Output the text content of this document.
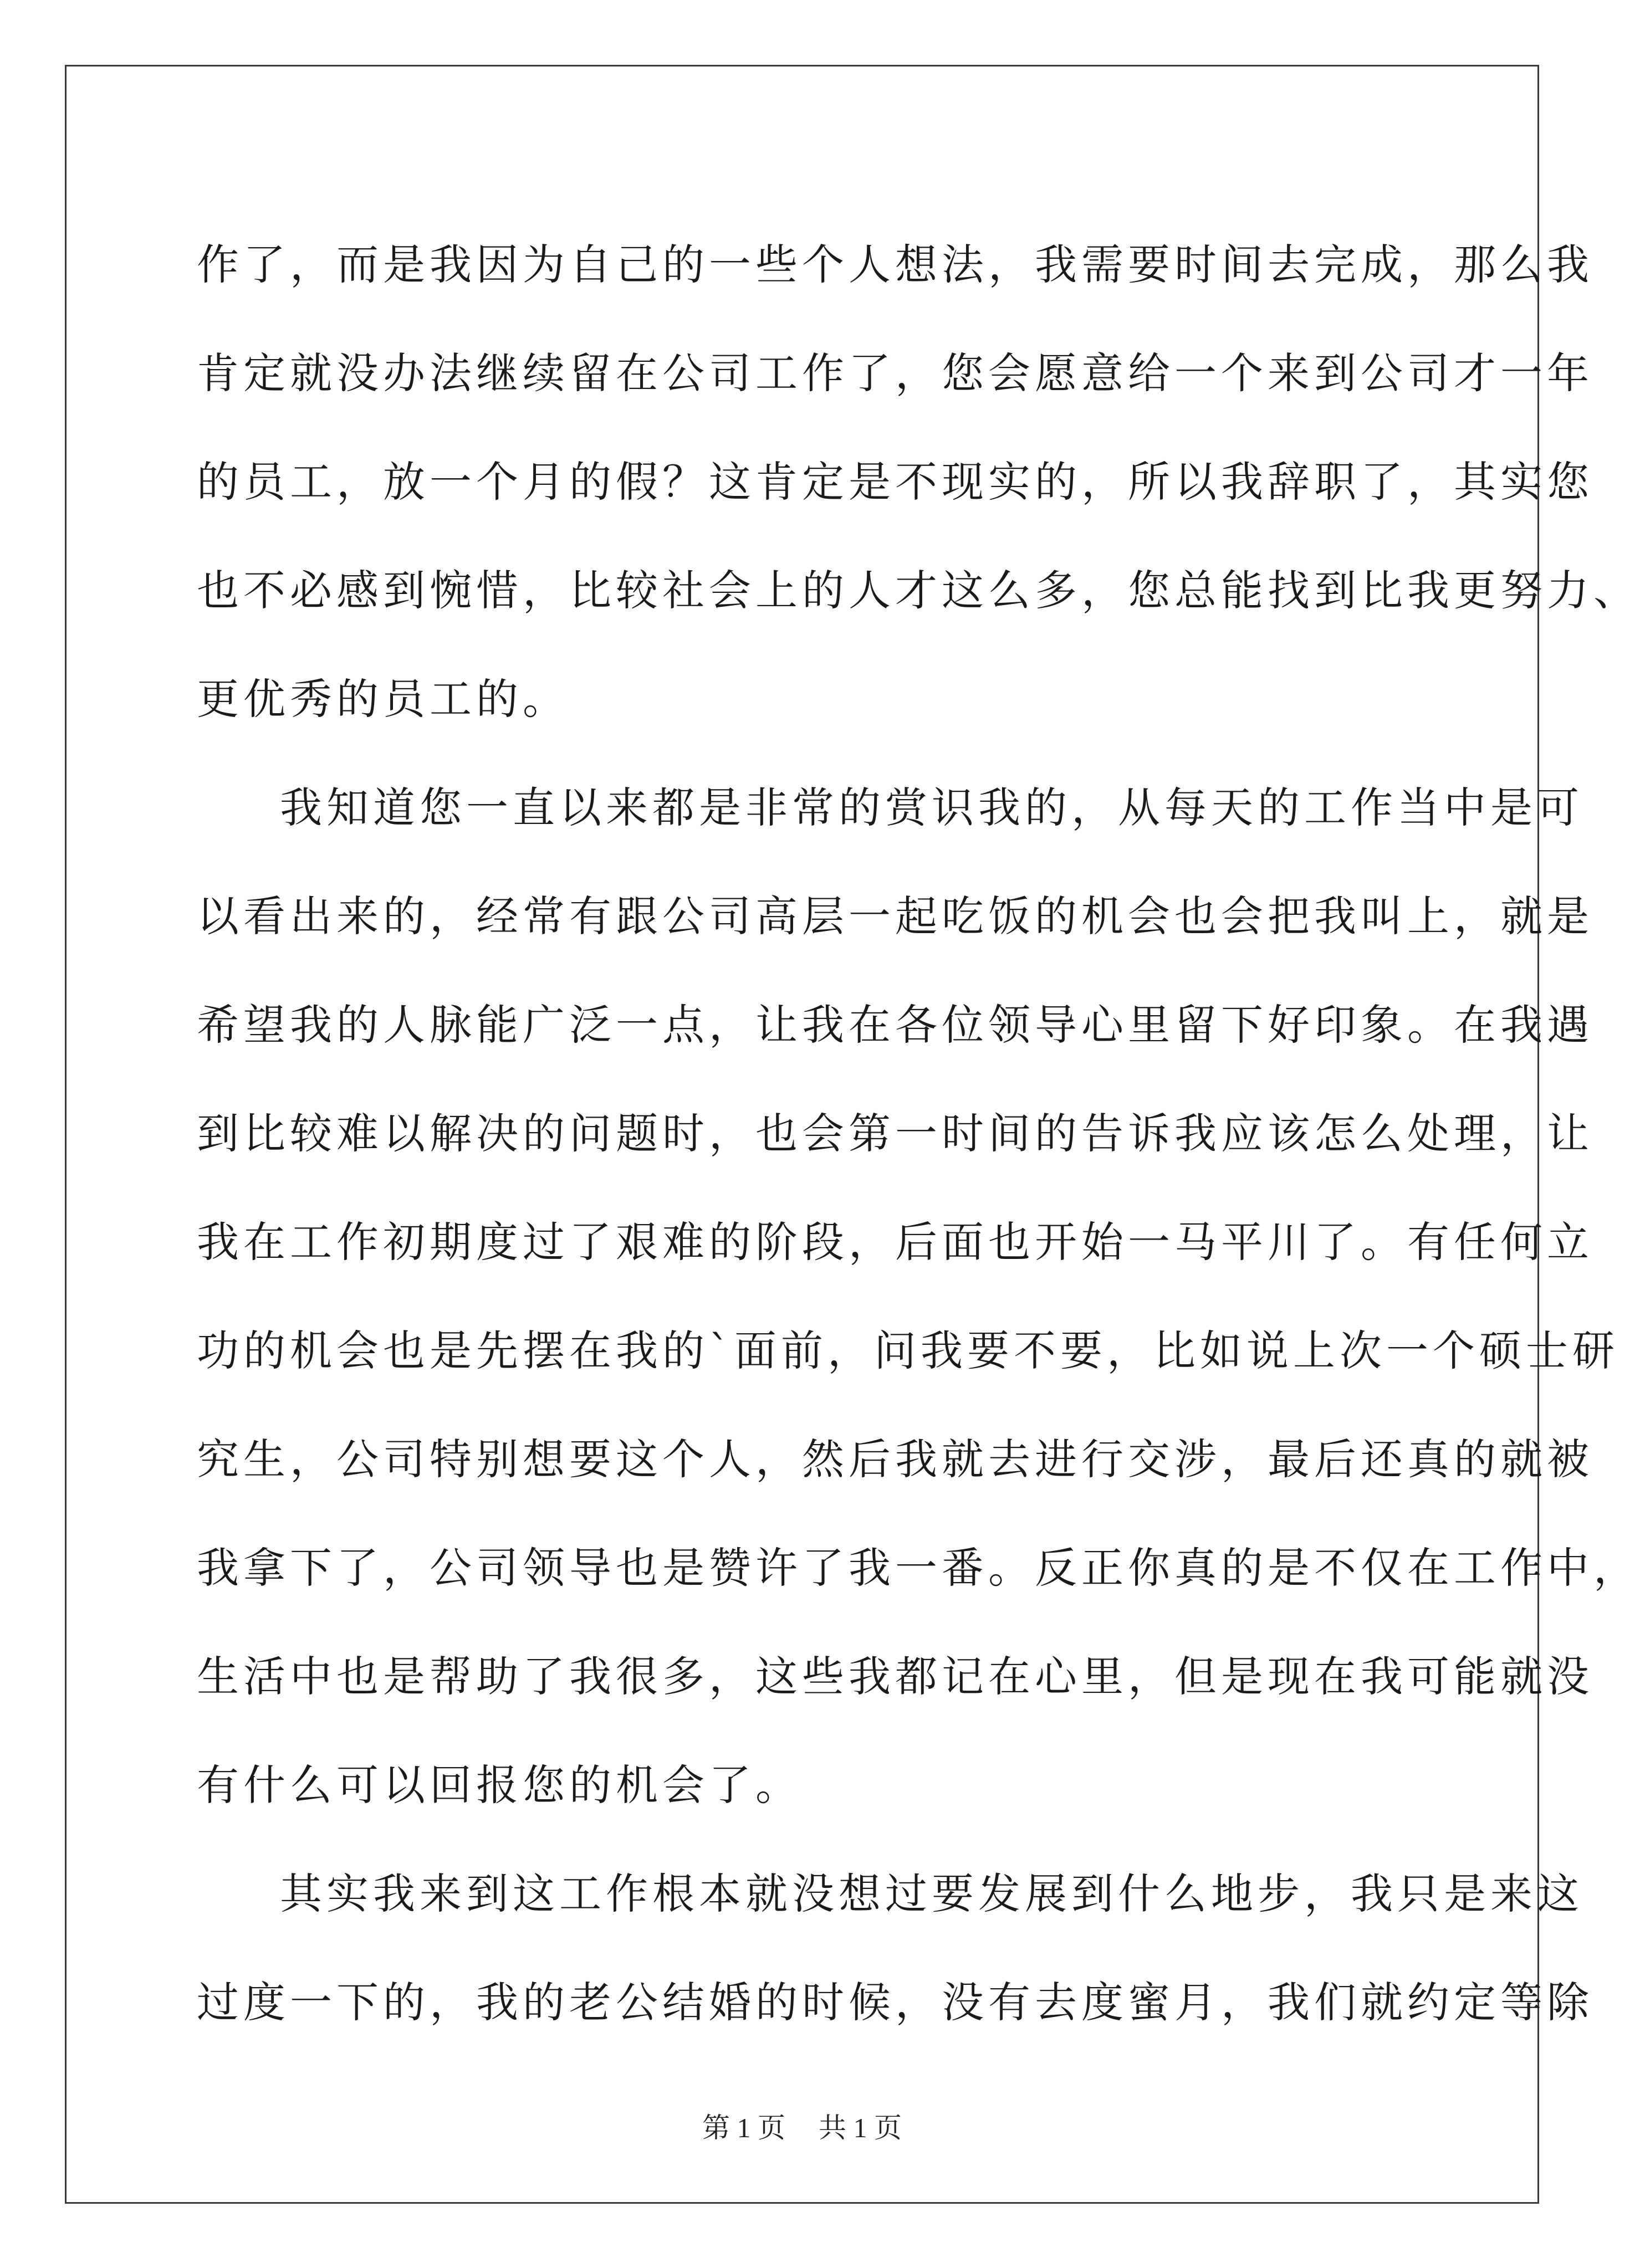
作了，而是我因为自己的一些个人想法，我需要时间去完成，那么我
肯定就没办法继续留在公司工作了，您会愿意给一个来到公司才一年
的员工，放一个月的假？这肯定是不现实的，所以我辞职了，其实您
也不必感到惋惜，比较社会上的人才这么多，您总能找到比我更努力、
更优秀的员工的。
我知道您一直以来都是非常的赏识我的，从每天的工作当中是可
以看出来的，经常有跟公司高层一起吃饭的机会也会把我叫上，就是
希望我的人脉能广泛一点，让我在各位领导心里留下好印象。在我遇
到比较难以解决的问题时，也会第一时间的告诉我应该怎么处理，让
我在工作初期度过了艰难的阶段，后面也开始一马平川了。有任何立
功的机会也是先摆在我的`面前，问我要不要，比如说上次一个硕士研
究生，公司特别想要这个人，然后我就去进行交涉，最后还真的就被
我拿下了，公司领导也是赞许了我一番。反正你真的是不仅在工作中，
生活中也是帮助了我很多，这些我都记在心里，但是现在我可能就没
有什么可以回报您的机会了。
其实我来到这工作根本就没想过要发展到什么地步，我只是来这
过度一下的，我的老公结婚的时候，没有去度蜜月，我们就约定等除
第 1 页 共 1 页
